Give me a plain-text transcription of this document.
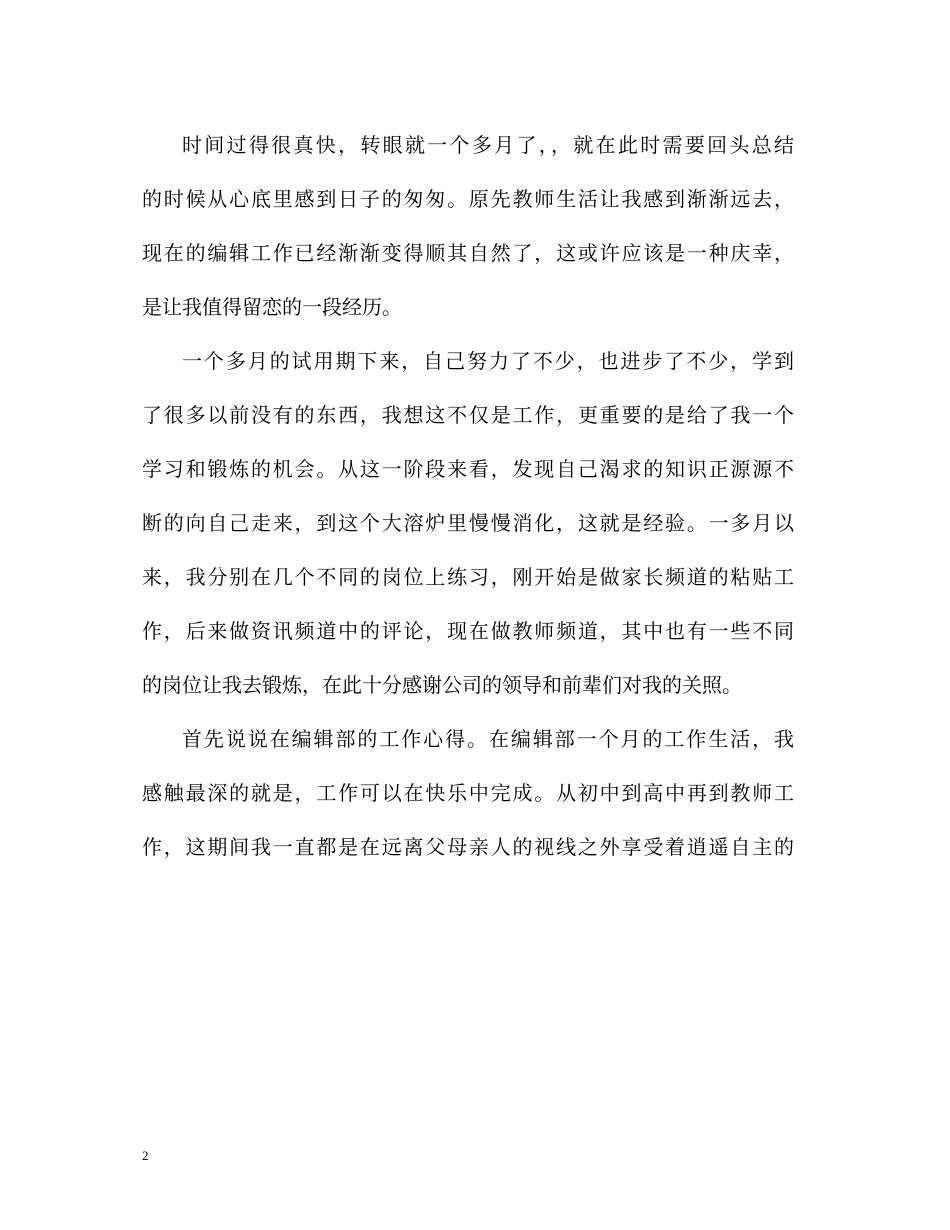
时间过得很真快，转眼就一个多月了，，就在此时需要回头总结
的时候从心底里感到日子的匆匆。原先教师生活让我感到渐渐远去，
现在的编辑工作已经渐渐变得顺其自然了，这或许应该是一种庆幸，
是让我值得留恋的一段经历。
一个多月的试用期下来，自己努力了不少，也进步了不少，学到
了很多以前没有的东西，我想这不仅是工作，更重要的是给了我一个
学习和锻炼的机会。从这一阶段来看，发现自己渴求的知识正源源不
断的向自己走来，到这个大溶炉里慢慢消化，这就是经验。一多月以
来，我分别在几个不同的岗位上练习，刚开始是做家长频道的粘贴工
作，后来做资讯频道中的评论，现在做教师频道，其中也有一些不同
的岗位让我去锻炼，在此十分感谢公司的领导和前辈们对我的关照。
首先说说在编辑部的工作心得。在编辑部一个月的工作生活，我
感触最深的就是，工作可以在快乐中完成。从初中到高中再到教师工
作，这期间我一直都是在远离父母亲人的视线之外享受着逍遥自主的
2
